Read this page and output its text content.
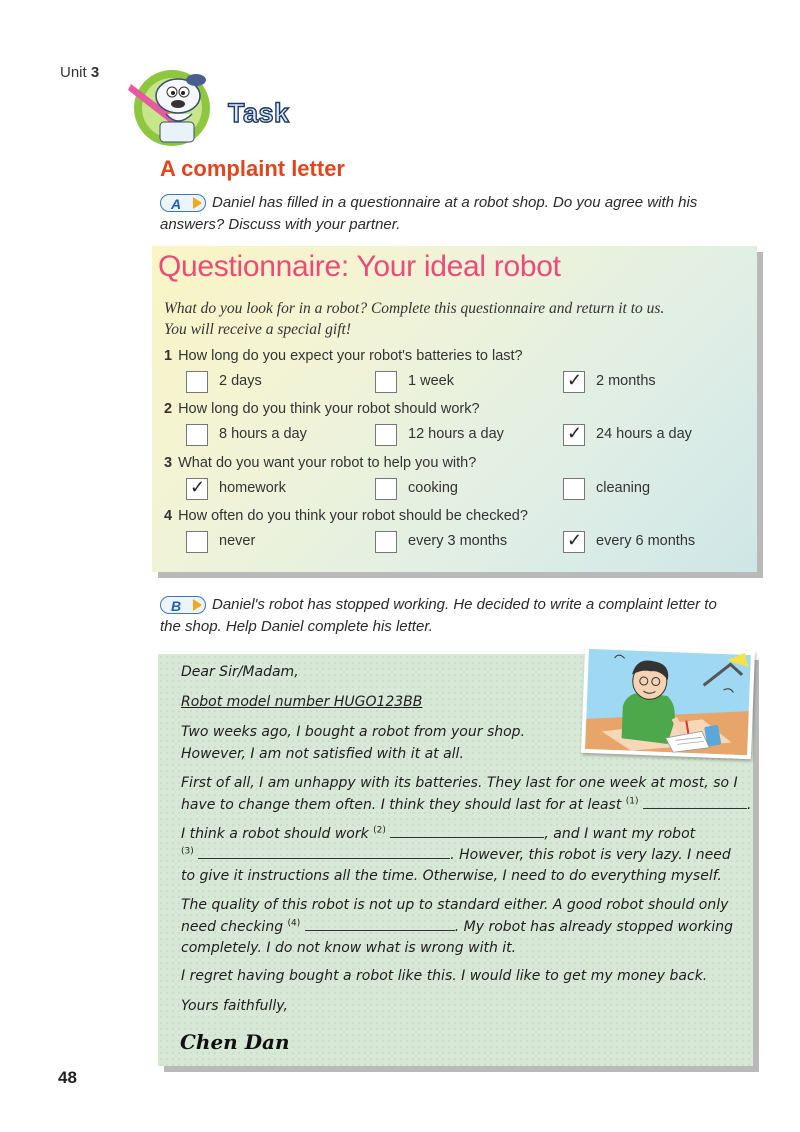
Unit 3
Task
A complaint letter
A Daniel has filled in a questionnaire at a robot shop. Do you agree with his answers? Discuss with your partner.
Questionnaire: Your ideal robot
What do you look for in a robot? Complete this questionnaire and return it to us.
You will receive a special gift!
1 How long do you expect your robot's batteries to last?
2 days	1 week	✓ 2 months
2 How long do you think your robot should work?
8 hours a day	12 hours a day	✓ 24 hours a day
3 What do you want your robot to help you with?
✓ homework	cooking	cleaning
4 How often do you think your robot should be checked?
never	every 3 months	✓ every 6 months
B Daniel's robot has stopped working. He decided to write a complaint letter to
the shop. Help Daniel complete his letter.
Dear Sir/Madam,
Robot model number HUGO123BB
Two weeks ago, I bought a robot from your shop.
However, I am not satisfied with it at all.
First of all, I am unhappy with its batteries. They last for one week at most, so I
have to change them often. I think they should last for at least $^{(1)}$	.
I think a robot should work $^{(2)}$	, and I want my robot
$^{(3)}$	. However, this robot is very lazy. I need
to give it instructions all the time. Otherwise, I need to do everything myself.
The quality of this robot is not up to standard either. A good robot should only
need checking $^{(4)}$	. My robot has already stopped working
completely. I do not know what is wrong with it.
I regret having bought a robot like this. I would like to get my money back.
Yours faithfully,
Chen Dan
48
